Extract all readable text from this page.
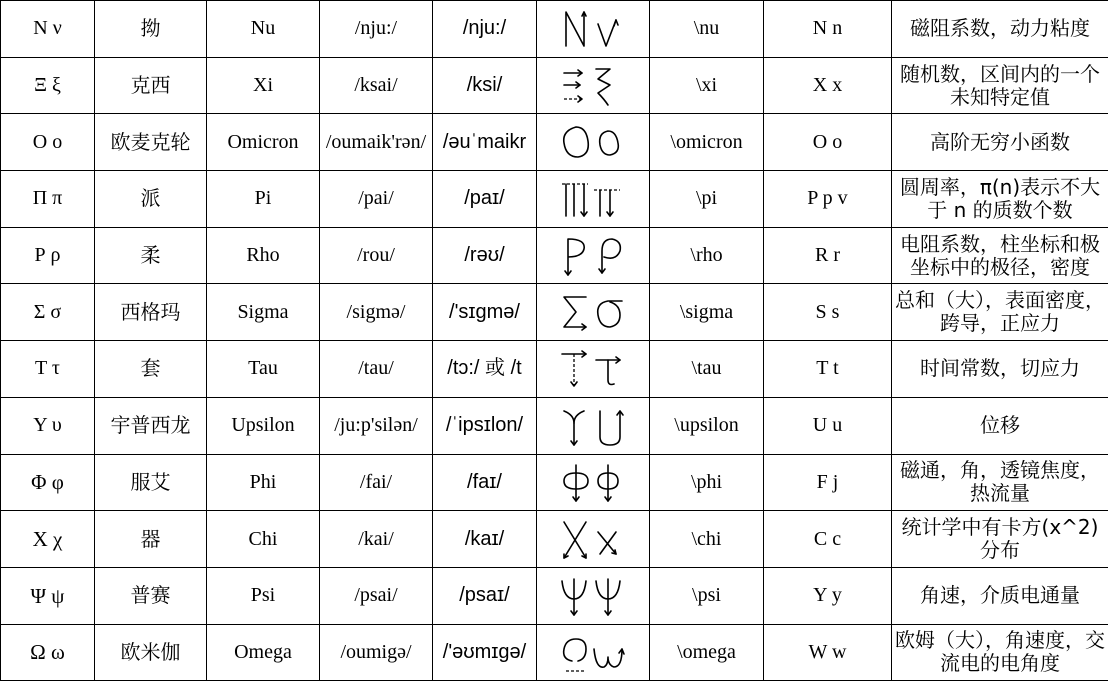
Ν ν	拗	Nu	/nju:/	/nju:/		\nu	N n	磁阻系数，动力粘度
Ξ ξ	克西	Xi	/ksai/	/ksi/		\xi	X x	随机数，区间内的一个未知特定值
Ο ο	欧麦克轮	Omicron	/oumaik'rən/	/əuˈmaikr		\omicron	O o	高阶无穷小函数
Π π	派	Pi	/pai/	/paɪ/		\pi	P p v	圆周率，π(n)表示不大于 n 的质数个数
Ρ ρ	柔	Rho	/rou/	/rəʊ/		\rho	R r	电阻系数，柱坐标和极坐标中的极径，密度
Σ σ	西格玛	Sigma	/sigmə/	/'sɪgmə/		\sigma	S s	总和（大），表面密度，跨导，正应力
Τ τ	套	Tau	/tau/	/tɔ:/ 或 /t		\tau	T t	时间常数，切应力
Υ υ	宇普西龙	Upsilon	/ju:p'silən/	/ˈipsɪlon/		\upsilon	U u	位移
Φ φ	服艾	Phi	/fai/	/faɪ/		\phi	F j	磁通，角，透镜焦度，热流量
Χ χ	器	Chi	/kai/	/kaɪ/		\chi	C c	统计学中有卡方(x^2)分布
Ψ ψ	普赛	Psi	/psai/	/psaɪ/		\psi	Y y	角速，介质电通量
Ω ω	欧米伽	Omega	/oumigə/	/'əʊmɪgə/		\omega	W w	欧姆（大），角速度，交流电的电角度
